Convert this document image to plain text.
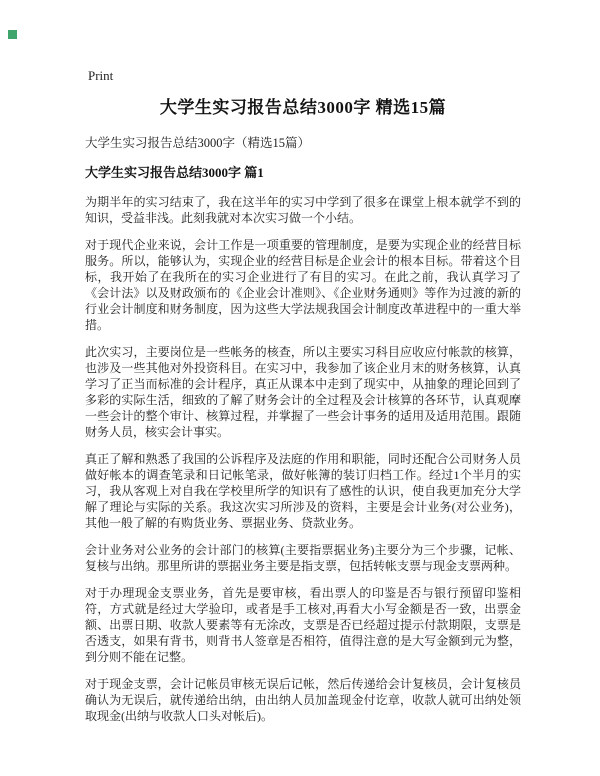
Print
大学生实习报告总结3000字 精选15篇
大学生实习报告总结3000字（精选15篇）
大学生实习报告总结3000字 篇1

为期半年的实习结束了，我在这半年的实习中学到了很多在课堂上根本就学不到的知识，受益非浅。此刻我就对本次实习做一个小结。

对于现代企业来说，会计工作是一项重要的管理制度，是要为实现企业的经营目标服务。所以，能够认为，实现企业的经营目标是企业会计的根本目标。带着这个目标，我开始了在我所在的实习企业进行了有目的实习。在此之前，我认真学习了《会计法》以及财政颁布的《企业会计准则》、《企业财务通则》等作为过渡的新的行业会计制度和财务制度，因为这些大学法规我国会计制度改革进程中的一重大举措。

此次实习，主要岗位是一些帐务的核查，所以主要实习科目应收应付帐款的核算，也涉及一些其他对外投资科目。在实习中，我参加了该企业月末的财务核算，认真学习了正当而标准的会计程序，真正从课本中走到了现实中，从抽象的理论回到了多彩的实际生活，细致的了解了财务会计的全过程及会计核算的各环节，认真观摩一些会计的整个审计、核算过程，并掌握了一些会计事务的适用及适用范围。跟随财务人员，核实会计事实。

真正了解和熟悉了我国的公诉程序及法庭的作用和职能，同时还配合公司财务人员做好帐本的调查笔录和日记帐笔录，做好帐簿的装订归档工作。经过1个半月的实习，我从客观上对自我在学校里所学的知识有了感性的认识，使自我更加充分大学解了理论与实际的关系。我这次实习所涉及的资料，主要是会计业务(对公业务)，其他一般了解的有购货业务、票据业务、贷款业务。

会计业务对公业务的会计部门的核算(主要指票据业务)主要分为三个步骤，记帐、复核与出纳。那里所讲的票据业务主要是指支票，包括转帐支票与现金支票两种。

对于办理现金支票业务，首先是要审核，看出票人的印鉴是否与银行预留印鉴相符，方式就是经过大学验印，或者是手工核对,再看大小写金额是否一致，出票金额、出票日期、收款人要素等有无涂改，支票是否已经超过提示付款期限，支票是否透支，如果有背书，则背书人签章是否相符，值得注意的是大写金额到元为整，到分则不能在记整。

对于现金支票，会计记帐员审核无误后记帐，然后传递给会计复核员，会计复核员确认为无误后，就传递给出纳，由出纳人员加盖现金付讫章，收款人就可出纳处领取现金(出纳与收款人口头对帐后)。
